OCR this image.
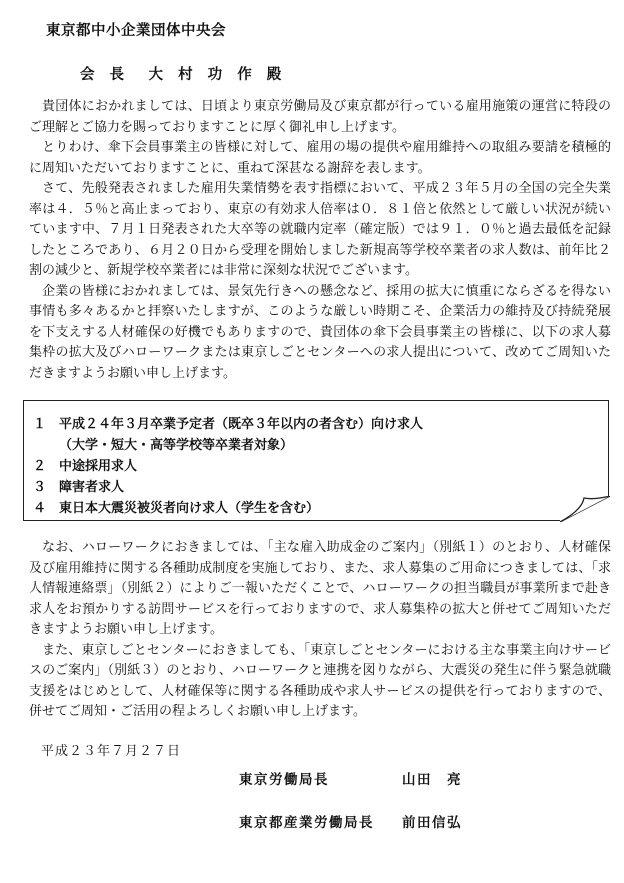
東京都中小企業団体中央会
会 長　大 村 功 作 殿
貴団体におかれましては、日頃より東京労働局及び東京都が行っている雇用施策の運営に特段のご理解とご協力を賜っておりますことに厚く御礼申し上げます。
とりわけ、傘下会員事業主の皆様に対して、雇用の場の提供や雇用維持への取組み要請を積極的に周知いただいておりますことに、重ねて深甚なる謝辞を表します。
さて、先般発表されました雇用失業情勢を表す指標において、平成２３年５月の全国の完全失業率は４．５％と高止まっており、東京の有効求人倍率は０．８１倍と依然として厳しい状況が続いています中、７月１日発表された大卒等の就職内定率（確定版）では９１．０％と過去最低を記録したところであり、６月２０日から受理を開始しました新規高等学校卒業者の求人数は、前年比２割の減少と、新規学校卒業者には非常に深刻な状況でございます。
企業の皆様におかれましては、景気先行きへの懸念など、採用の拡大に慎重にならざるを得ない事情も多々あるかと拝察いたしますが、このような厳しい時期こそ、企業活力の維持及び持続発展を下支えする人材確保の好機でもありますので、貴団体の傘下会員事業主の皆様に、以下の求人募集枠の拡大及びハローワークまたは東京しごとセンターへの求人提出について、改めてご周知いただきますようお願い申し上げます。
１ 平成２４年３月卒業予定者（既卒３年以内の者含む）向け求人
（大学・短大・高等学校等卒業者対象）
２ 中途採用求人
３ 障害者求人
４ 東日本大震災被災者向け求人（学生を含む）
なお、ハローワークにおきましては、「主な雇入助成金のご案内」（別紙１）のとおり、人材確保及び雇用維持に関する各種助成制度を実施しており、また、求人募集のご用命につきましては、「求人情報連絡票」（別紙２）によりご一報いただくことで、ハローワークの担当職員が事業所まで赴き求人をお預かりする訪問サービスを行っておりますので、求人募集枠の拡大と併せてご周知いただきますようお願い申し上げます。
また、東京しごとセンターにおきましても、「東京しごとセンターにおける主な事業主向けサービスのご案内」（別紙３）のとおり、ハローワークと連携を図りながら、大震災の発生に伴う緊急就職支援をはじめとして、人材確保等に関する各種助成や求人サービスの提供を行っておりますので、併せてご周知・ご活用の程よろしくお願い申し上げます。
平成２３年７月２７日
東京労働局長	山田　亮
東京都産業労働局長 前田信弘
